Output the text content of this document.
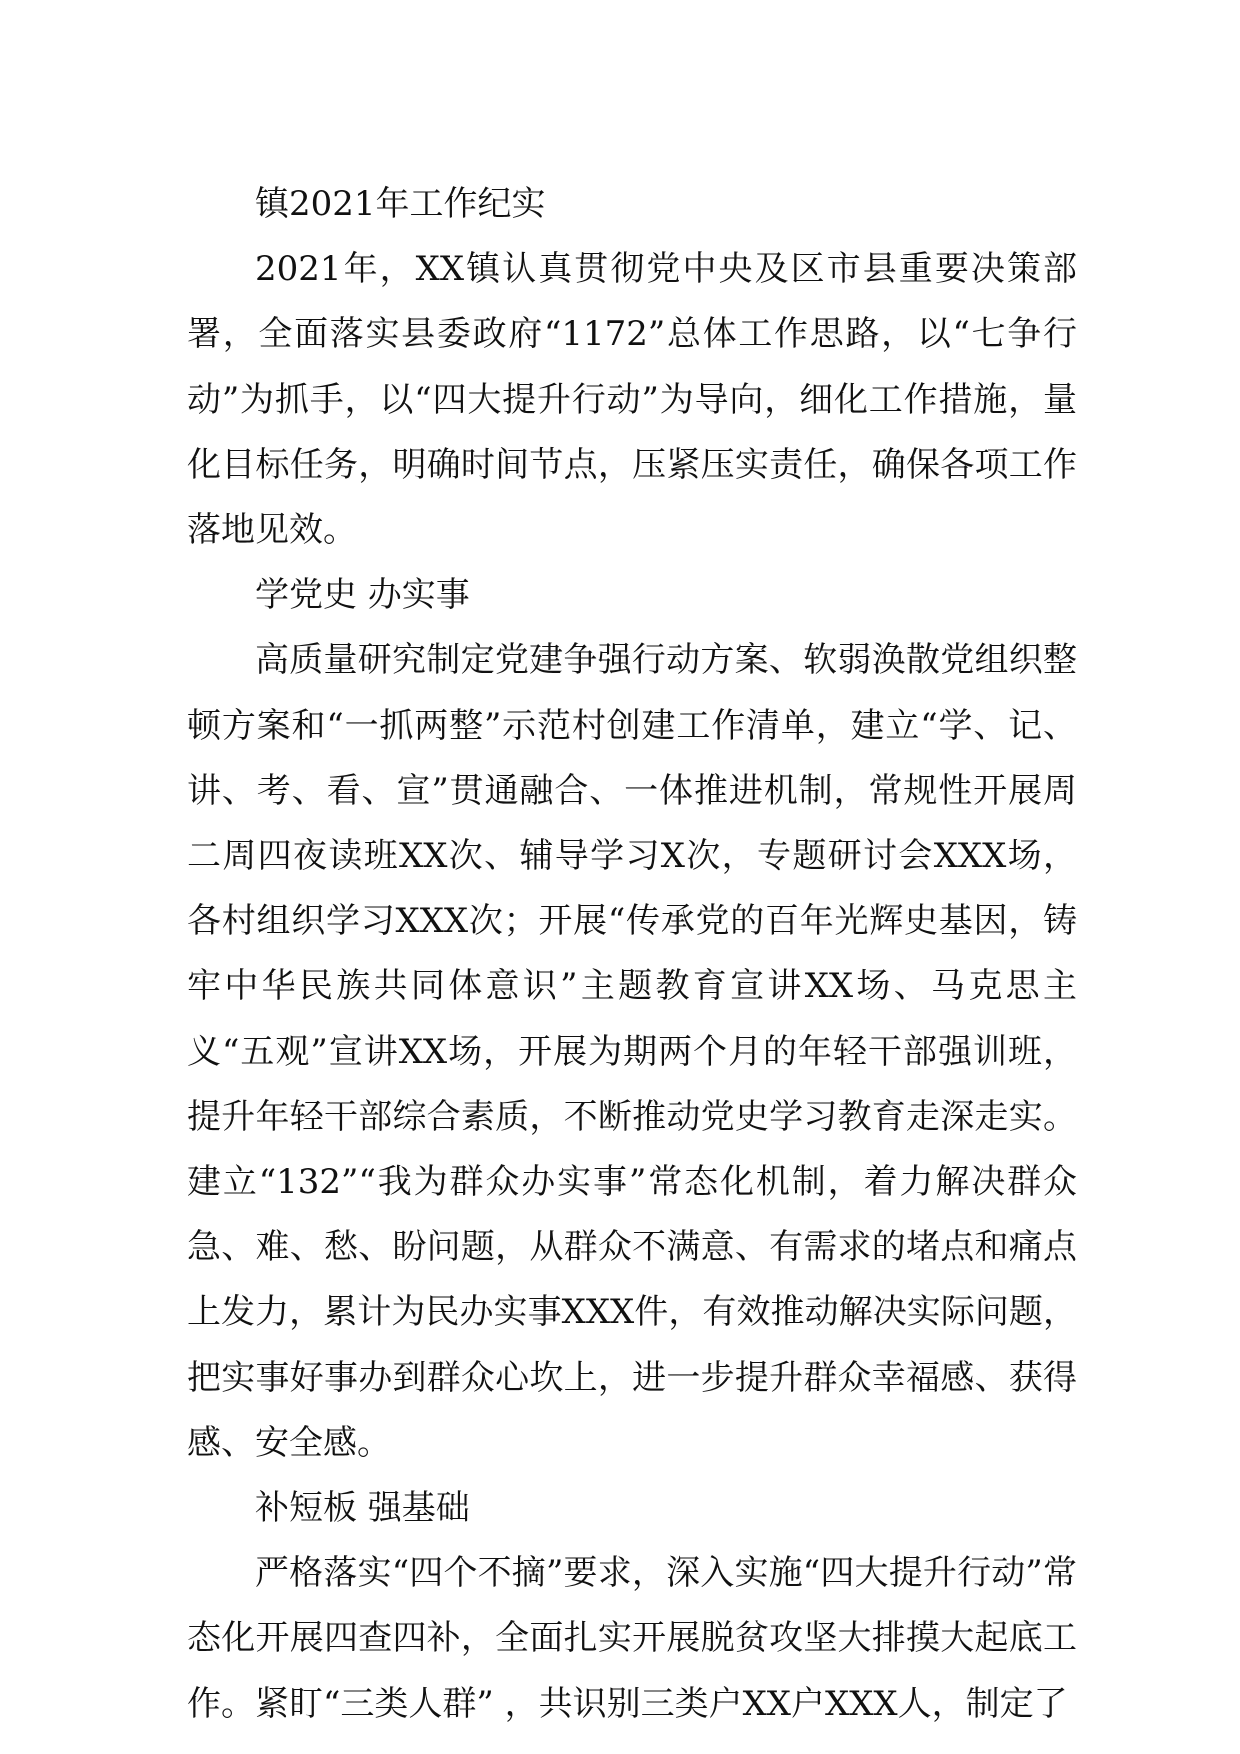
镇2021年工作纪实

2021年，XX镇认真贯彻党中央及区市县重要决策部署，全面落实县委政府“1172”总体工作思路，以“七争行动”为抓手，以“四大提升行动”为导向，细化工作措施，量化目标任务，明确时间节点，压紧压实责任，确保各项工作落地见效。

学党史 办实事

高质量研究制定党建争强行动方案、软弱涣散党组织整顿方案和“一抓两整”示范村创建工作清单，建立“学、记、讲、考、看、宣”贯通融合、一体推进机制，常规性开展周二周四夜读班XX次、辅导学习X次，专题研讨会XXX场，各村组织学习XXX次；开展“传承党的百年光辉史基因，铸牢中华民族共同体意识”主题教育宣讲XX场、马克思主义“五观”宣讲XX场，开展为期两个月的年轻干部强训班，提升年轻干部综合素质，不断推动党史学习教育走深走实。建立“132”“我为群众办实事”常态化机制，着力解决群众急、难、愁、盼问题，从群众不满意、有需求的堵点和痛点上发力，累计为民办实事XXX件，有效推动解决实际问题，把实事好事办到群众心坎上，进一步提升群众幸福感、获得感、安全感。

补短板 强基础

严格落实“四个不摘”要求，深入实施“四大提升行动”常态化开展四查四补，全面扎实开展脱贫攻坚大排摸大起底工作。紧盯“三类人群” ，共识别三类户XX户XXX人，制定了
